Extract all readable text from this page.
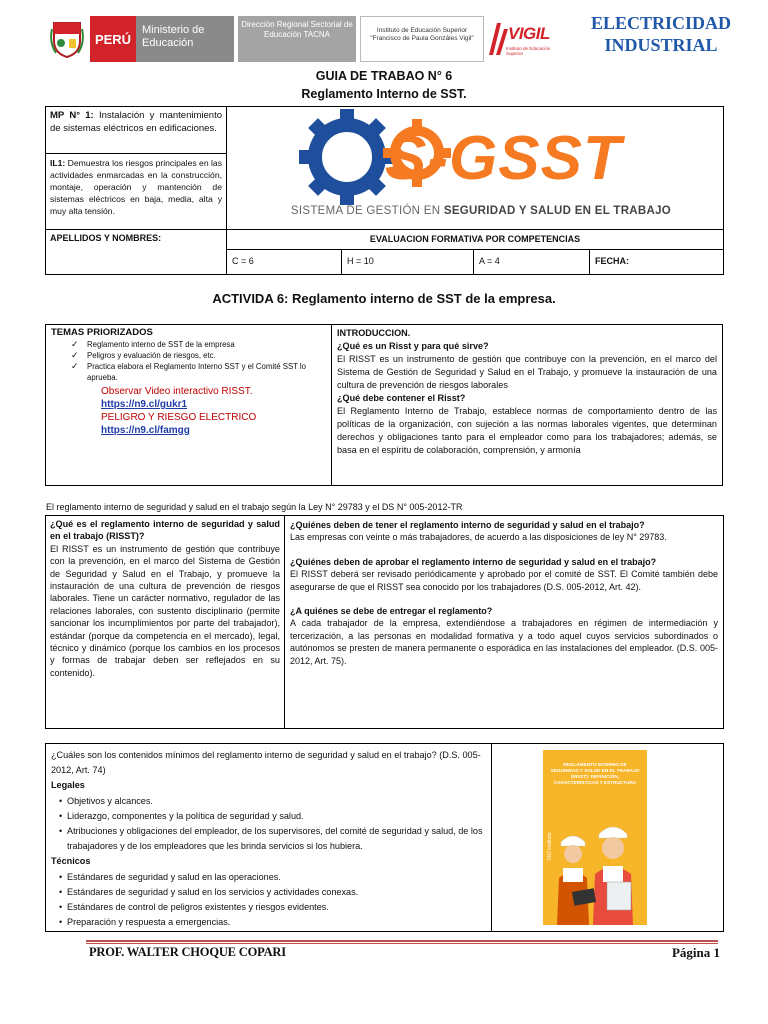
PERÚ
Ministerio de Educación
Dirección Regional Sectorial de Educación TACNA	Instituto de Educación Superior
"Francisco de Paula Gonzáles Vigil"	VIGIL
Instituto de Educación Superior
ELECTRICIDAD
INDUSTRIAL
GUIA DE TRABAO N° 6
Reglamento Interno de SST.
MP N° 1: Instalación y mantenimiento de sistemas eléctricos en edificaciones.
IL1: Demuestra los riesgos principales en las actividades enmarcadas en la construcción, montaje, operación y mantención de sistemas eléctricos en baja, media, alta y muy alta tensión.
S-GSST
SISTEMA DE GESTIÓN EN SEGURIDAD Y SALUD EN EL TRABAJO
APELLIDOS Y NOMBRES:	EVALUACION FORMATIVA POR COMPETENCIAS
C = 6	H = 10	A = 4	FECHA:
ACTIVIDA 6: Reglamento interno de SST de la empresa.
TEMAS PRIORIZADOS
✓ Reglamento interno de SST de la empresa
✓ Peligros y evaluación de riesgos, etc.
✓ Practica elabora el Reglamento Interno SST y el Comité SST lo aprueba.
Observar Video interactivo RISST.
https://n9.cl/gukr1
PELIGRO Y RIESGO ELECTRICO
https://n9.cl/famgg

INTRODUCCION.

¿Qué es un Risst y para qué sirve?

El RISST es un instrumento de gestión que contribuye con la prevención, en el marco del Sistema de Gestión de Seguridad y Salud en el Trabajo, y promueve la instauración de una cultura de prevención de riesgos laborales

¿Qué debe contener el Risst?

El Reglamento Interno de Trabajo, establece normas de comportamiento dentro de las políticas de la organización, con sujeción a las normas laborales vigentes, que determinan derechos y obligaciones tanto para el empleador como para los trabajadores; además, se basa en el espíritu de colaboración, comprensión, y armonía

El reglamento interno de seguridad y salud en el trabajo según la Ley N° 29783 y el DS N° 005-2012-TR
¿Qué es el reglamento interno de seguridad y salud en el trabajo (RISST)?
El RISST es un instrumento de gestión que contribuye con la prevención, en el marco del Sistema de Gestión de Seguridad y Salud en el Trabajo, y promueve la instauración de una cultura de prevención de riesgos laborales. Tiene un carácter normativo, regulador de las relaciones laborales, con sustento disciplinario (permite sancionar los incumplimientos por parte del trabajador), estándar (porque da competencia en el mercado), legal, técnico y dinámico (porque los cambios en los procesos y formas de trabajar deben ser reflejados en su contenido).
¿Quiénes deben de tener el reglamento interno de seguridad y salud en el trabajo?
Las empresas con veinte o más trabajadores, de acuerdo a las disposiciones de ley N° 29783.
¿Quiénes deben de aprobar el reglamento interno de seguridad y salud en el trabajo?
El RISST deberá ser revisado periódicamente y aprobado por el comité de SST. El Comité también debe asegurarse de que el RISST sea conocido por los trabajadores (D.S. 005-2012, Art. 42).
¿A quiénes se debe de entregar el reglamento?
A cada trabajador de la empresa, extendiéndose a trabajadores en régimen de intermediación y tercerización, a las personas en modalidad formativa y a todo aquel cuyos servicios subordinados o autónomos se presten de manera permanente o esporádica en las instalaciones del empleador. (D.S. 005-2012, Art. 75).
¿Cuáles son los contenidos mínimos del reglamento interno de seguridad y salud en el trabajo? (D.S. 005-2012, Art. 74)
Legales
• Objetivos y alcances.
• Liderazgo, componentes y la política de seguridad y salud.
• Atribuciones y obligaciones del empleador, de los supervisores, del comité de seguridad y salud, de los trabajadores y de los empleadores que les brinda servicios si los hubiera.
Técnicos
• Estándares de seguridad y salud en las operaciones.
• Estándares de seguridad y salud en los servicios y actividades conexas.
• Estándares de control de peligros existentes y riesgos evidentes.
• Preparación y respuesta a emergencias.
REGLAMENTO INTERNO DE SEGURIDAD Y SALUD EN EL TRABAJO (RISST): DEFINICIÓN, CARACTERÍSTICAS Y ESTRUCTURA
ISO Instituto
PROF. WALTER CHOQUE COPARI	Página 1
